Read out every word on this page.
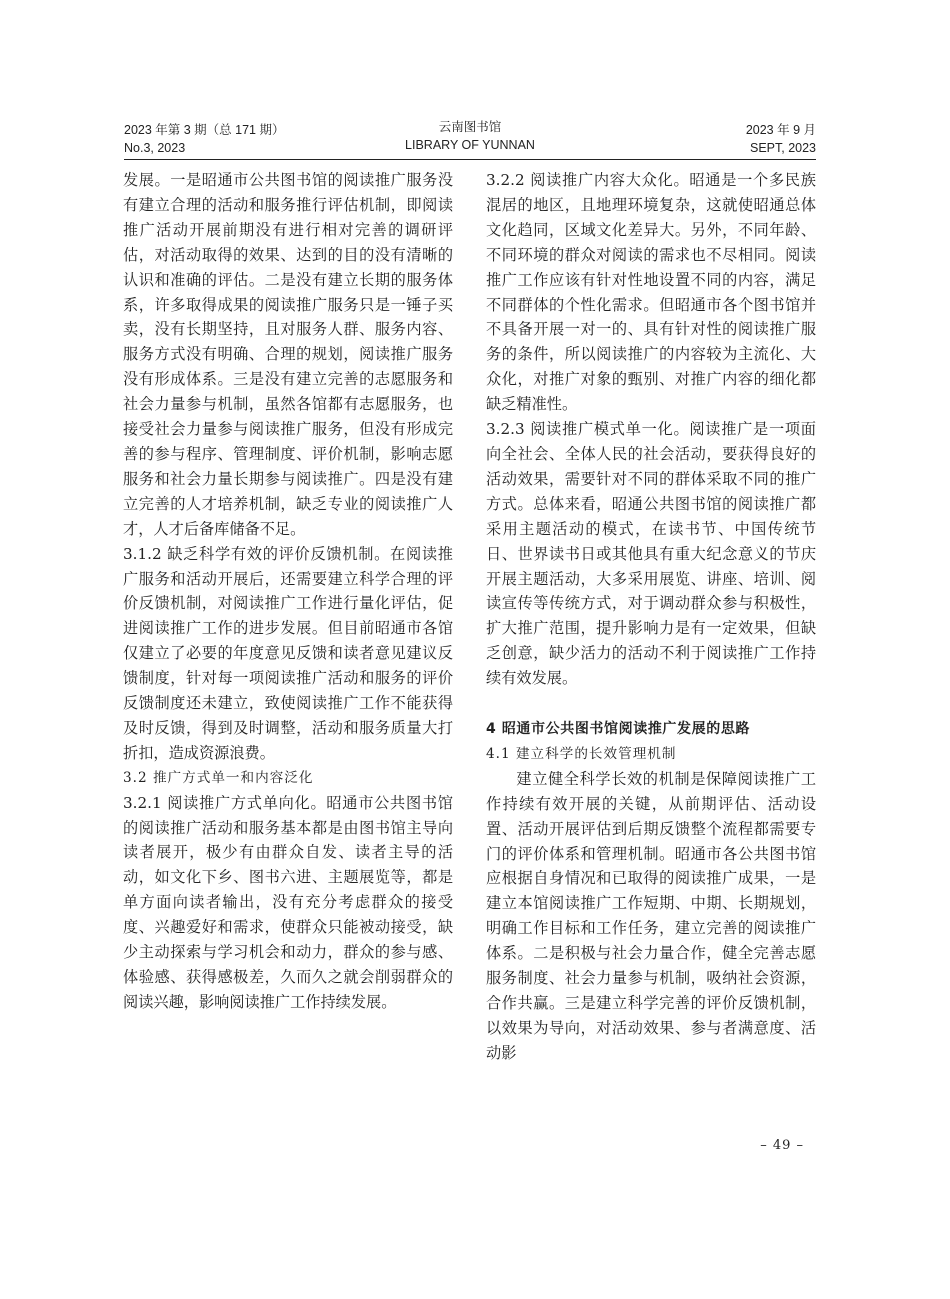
2023 年第 3 期（总 171 期）
No.3, 2023
云南图书馆
LIBRARY OF YUNNAN
2023 年 9 月
SEPT, 2023

发展。一是昭通市公共图书馆的阅读推广服务没有建立合理的活动和服务推行评估机制，即阅读推广活动开展前期没有进行相对完善的调研评估，对活动取得的效果、达到的目的没有清晰的认识和准确的评估。二是没有建立长期的服务体系，许多取得成果的阅读推广服务只是一锤子买卖，没有长期坚持，且对服务人群、服务内容、服务方式没有明确、合理的规划，阅读推广服务没有形成体系。三是没有建立完善的志愿服务和社会力量参与机制，虽然各馆都有志愿服务，也接受社会力量参与阅读推广服务，但没有形成完善的参与程序、管理制度、评价机制，影响志愿服务和社会力量长期参与阅读推广。四是没有建立完善的人才培养机制，缺乏专业的阅读推广人才，人才后备库储备不足。

3.1.2 缺乏科学有效的评价反馈机制。在阅读推广服务和活动开展后，还需要建立科学合理的评价反馈机制，对阅读推广工作进行量化评估，促进阅读推广工作的进步发展。但目前昭通市各馆仅建立了必要的年度意见反馈和读者意见建议反馈制度，针对每一项阅读推广活动和服务的评价反馈制度还未建立，致使阅读推广工作不能获得及时反馈，得到及时调整，活动和服务质量大打折扣，造成资源浪费。

3.2 推广方式单一和内容泛化

3.2.1 阅读推广方式单向化。昭通市公共图书馆的阅读推广活动和服务基本都是由图书馆主导向读者展开，极少有由群众自发、读者主导的活动，如文化下乡、图书六进、主题展览等，都是单方面向读者输出，没有充分考虑群众的接受度、兴趣爱好和需求，使群众只能被动接受，缺少主动探索与学习机会和动力，群众的参与感、体验感、获得感极差，久而久之就会削弱群众的阅读兴趣，影响阅读推广工作持续发展。

3.2.2 阅读推广内容大众化。昭通是一个多民族混居的地区，且地理环境复杂，这就使昭通总体文化趋同，区域文化差异大。另外，不同年龄、不同环境的群众对阅读的需求也不尽相同。阅读推广工作应该有针对性地设置不同的内容，满足不同群体的个性化需求。但昭通市各个图书馆并不具备开展一对一的、具有针对性的阅读推广服务的条件，所以阅读推广的内容较为主流化、大众化，对推广对象的甄别、对推广内容的细化都缺乏精准性。

3.2.3 阅读推广模式单一化。阅读推广是一项面向全社会、全体人民的社会活动，要获得良好的活动效果，需要针对不同的群体采取不同的推广方式。总体来看，昭通公共图书馆的阅读推广都采用主题活动的模式，在读书节、中国传统节日、世界读书日或其他具有重大纪念意义的节庆开展主题活动，大多采用展览、讲座、培训、阅读宣传等传统方式，对于调动群众参与积极性，扩大推广范围，提升影响力是有一定效果，但缺乏创意，缺少活力的活动不利于阅读推广工作持续有效发展。

4 昭通市公共图书馆阅读推广发展的思路

4.1 建立科学的长效管理机制

建立健全科学长效的机制是保障阅读推广工作持续有效开展的关键，从前期评估、活动设置、活动开展评估到后期反馈整个流程都需要专门的评价体系和管理机制。昭通市各公共图书馆应根据自身情况和已取得的阅读推广成果，一是建立本馆阅读推广工作短期、中期、长期规划，明确工作目标和工作任务，建立完善的阅读推广体系。二是积极与社会力量合作，健全完善志愿服务制度、社会力量参与机制，吸纳社会资源，合作共赢。三是建立科学完善的评价反馈机制，以效果为导向，对活动效果、参与者满意度、活动影

– 49 –
